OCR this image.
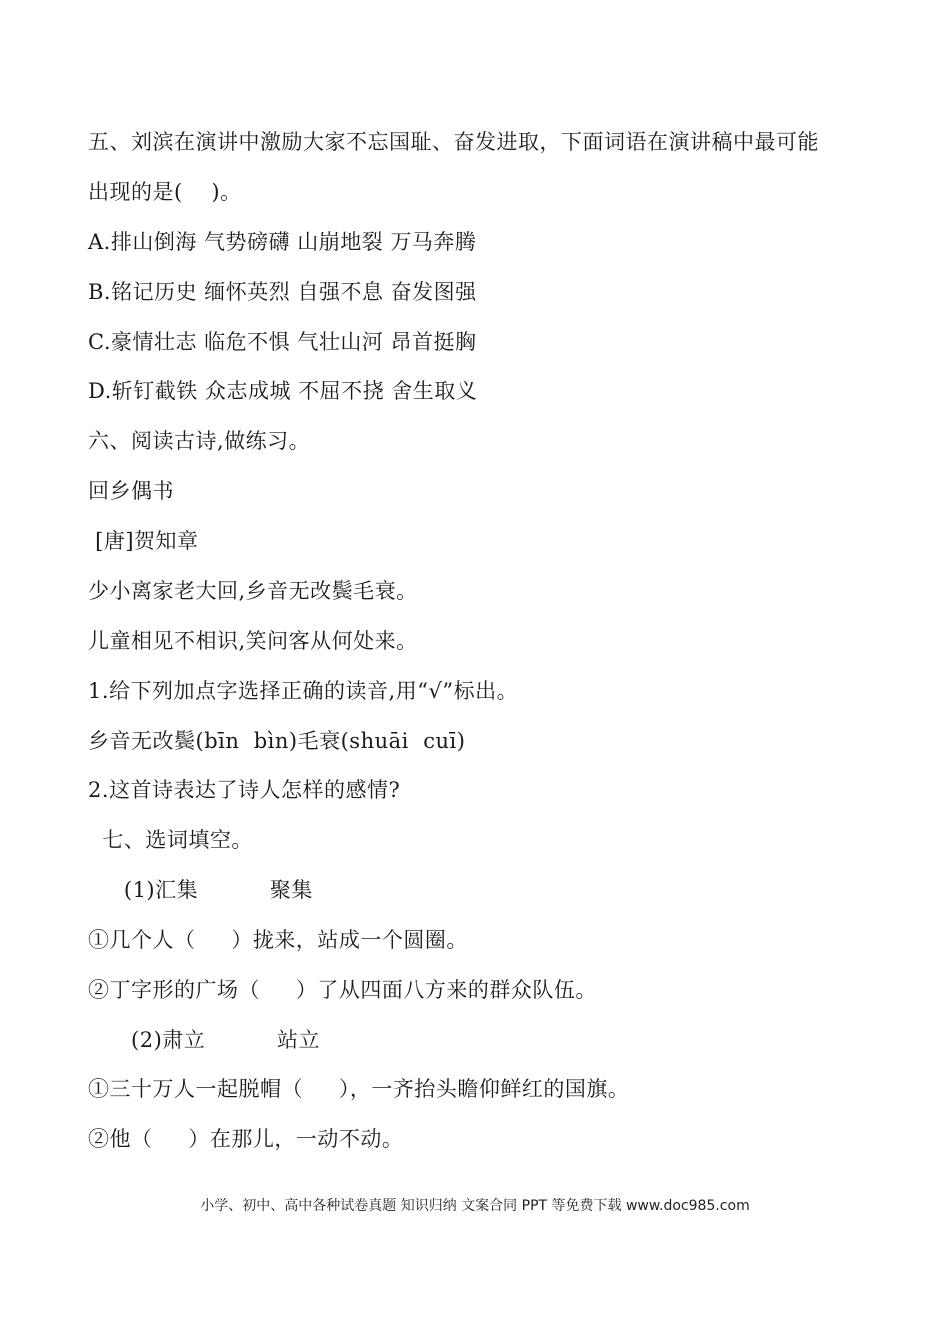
五、刘滨在演讲中激励大家不忘国耻、奋发进取，下面词语在演讲稿中最可能
出现的是(    )。
A.排山倒海 气势磅礴 山崩地裂 万马奔腾
B.铭记历史 缅怀英烈 自强不息 奋发图强
C.豪情壮志 临危不惧 气壮山河 昂首挺胸
D.斩钉截铁 众志成城 不屈不挠 舍生取义
六、阅读古诗,做练习。
回乡偶书
[唐]贺知章
少小离家老大回,乡音无改鬓毛衰。
儿童相见不相识,笑问客从何处来。
1.给下列加点字选择正确的读音,用“√”标出。
乡音无改鬓(bīn  bìn)毛衰(shuāi  cuī)
2.这首诗表达了诗人怎样的感情?
七、选词填空。
(1)汇集          聚集
①几个人（     ）拢来，站成一个圆圈。
②丁字形的广场（     ）了从四面八方来的群众队伍。
(2)肃立          站立
①三十万人一起脱帽（     ），一齐抬头瞻仰鲜红的国旗。
②他（     ）在那儿，一动不动。
小学、初中、高中各种试卷真题 知识归纳 文案合同 PPT 等免费下载 www.doc985.com
